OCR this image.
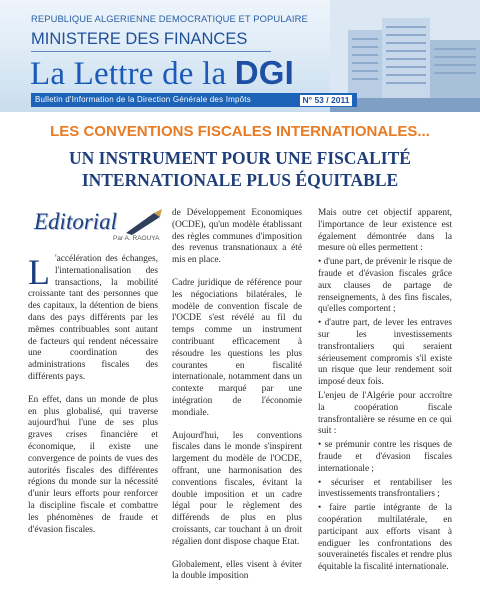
REPUBLIQUE ALGERIENNE DEMOCRATIQUE ET POPULAIRE
MINISTERE DES FINANCES
La Lettre de la DGI
Bulletin d'Information de la Direction Générale des Impôts	N° 53 / 2011
LES CONVENTIONS FISCALES INTERNATIONALES...
UN INSTRUMENT POUR UNE FISCALITÉ
INTERNATIONALE PLUS ÉQUITABLE
Editorial
Par A. RAOUYA

L 'accélération des échanges, l'internationalisation des transactions, la mobilité croissante tant des personnes que des capitaux, la détention de biens dans des pays différents par les mêmes contribuables sont autant de facteurs qui rendent nécessaire une coordination des administrations fiscales des différents pays.

En effet, dans un monde de plus en plus globalisé, qui traverse aujourd'hui l'une de ses plus graves crises financière et économique, il existe une convergence de points de vues des autorités fiscales des différentes régions du monde sur la nécessité d'unir leurs efforts pour renforcer la discipline fiscale et combattre les phénomènes de fraude et d'évasion fiscales.

de Développement Economiques (OCDE), qu'un modèle établissant des règles communes d'imposition des revenus transnationaux a été mis en place.

Cadre juridique de référence pour les négociations bilatérales, le modèle de convention fiscale de l'OCDE s'est révélé au fil du temps comme un instrument contribuant efficacement à résoudre les questions les plus courantes en fiscalité internationale, notamment dans un contexte marqué par une intégration de l'économie mondiale.

Aujourd'hui, les conventions fiscales dans le monde s'inspirent largement du modèle de l'OCDE, offrant, une harmonisation des conventions fiscales, évitant la double imposition et un cadre légal pour le règlement des différends de plus en plus croissants, car touchant à un droit régalien dont dispose chaque Etat.

Globalement, elles visent à éviter la double imposition

Mais outre cet objectif apparent, l'importance de leur existence est également démontrée dans la mesure où elles permettent :

• d'une part, de prévenir le risque de fraude et d'évasion fiscales grâce aux clauses de partage de renseignements, à des fins fiscales, qu'elles comportent ;

• d'autre part, de lever les entraves sur les investissements transfrontaliers qui seraient sérieusement compromis s'il existe un risque que leur rendement soit imposé deux fois.

L'enjeu de l'Algérie pour accroître la coopération fiscale transfrontalière se résume en ce qui suit :

• se prémunir contre les risques de fraude et d'évasion fiscales internationale ;

• sécuriser et rentabiliser les investissements transfrontaliers ;

• faire partie intégrante de la coopération multilatérale, en participant aux efforts visant à endiguer les confrontations des souverainetés fiscales et rendre plus équitable la fiscalité internationale.
